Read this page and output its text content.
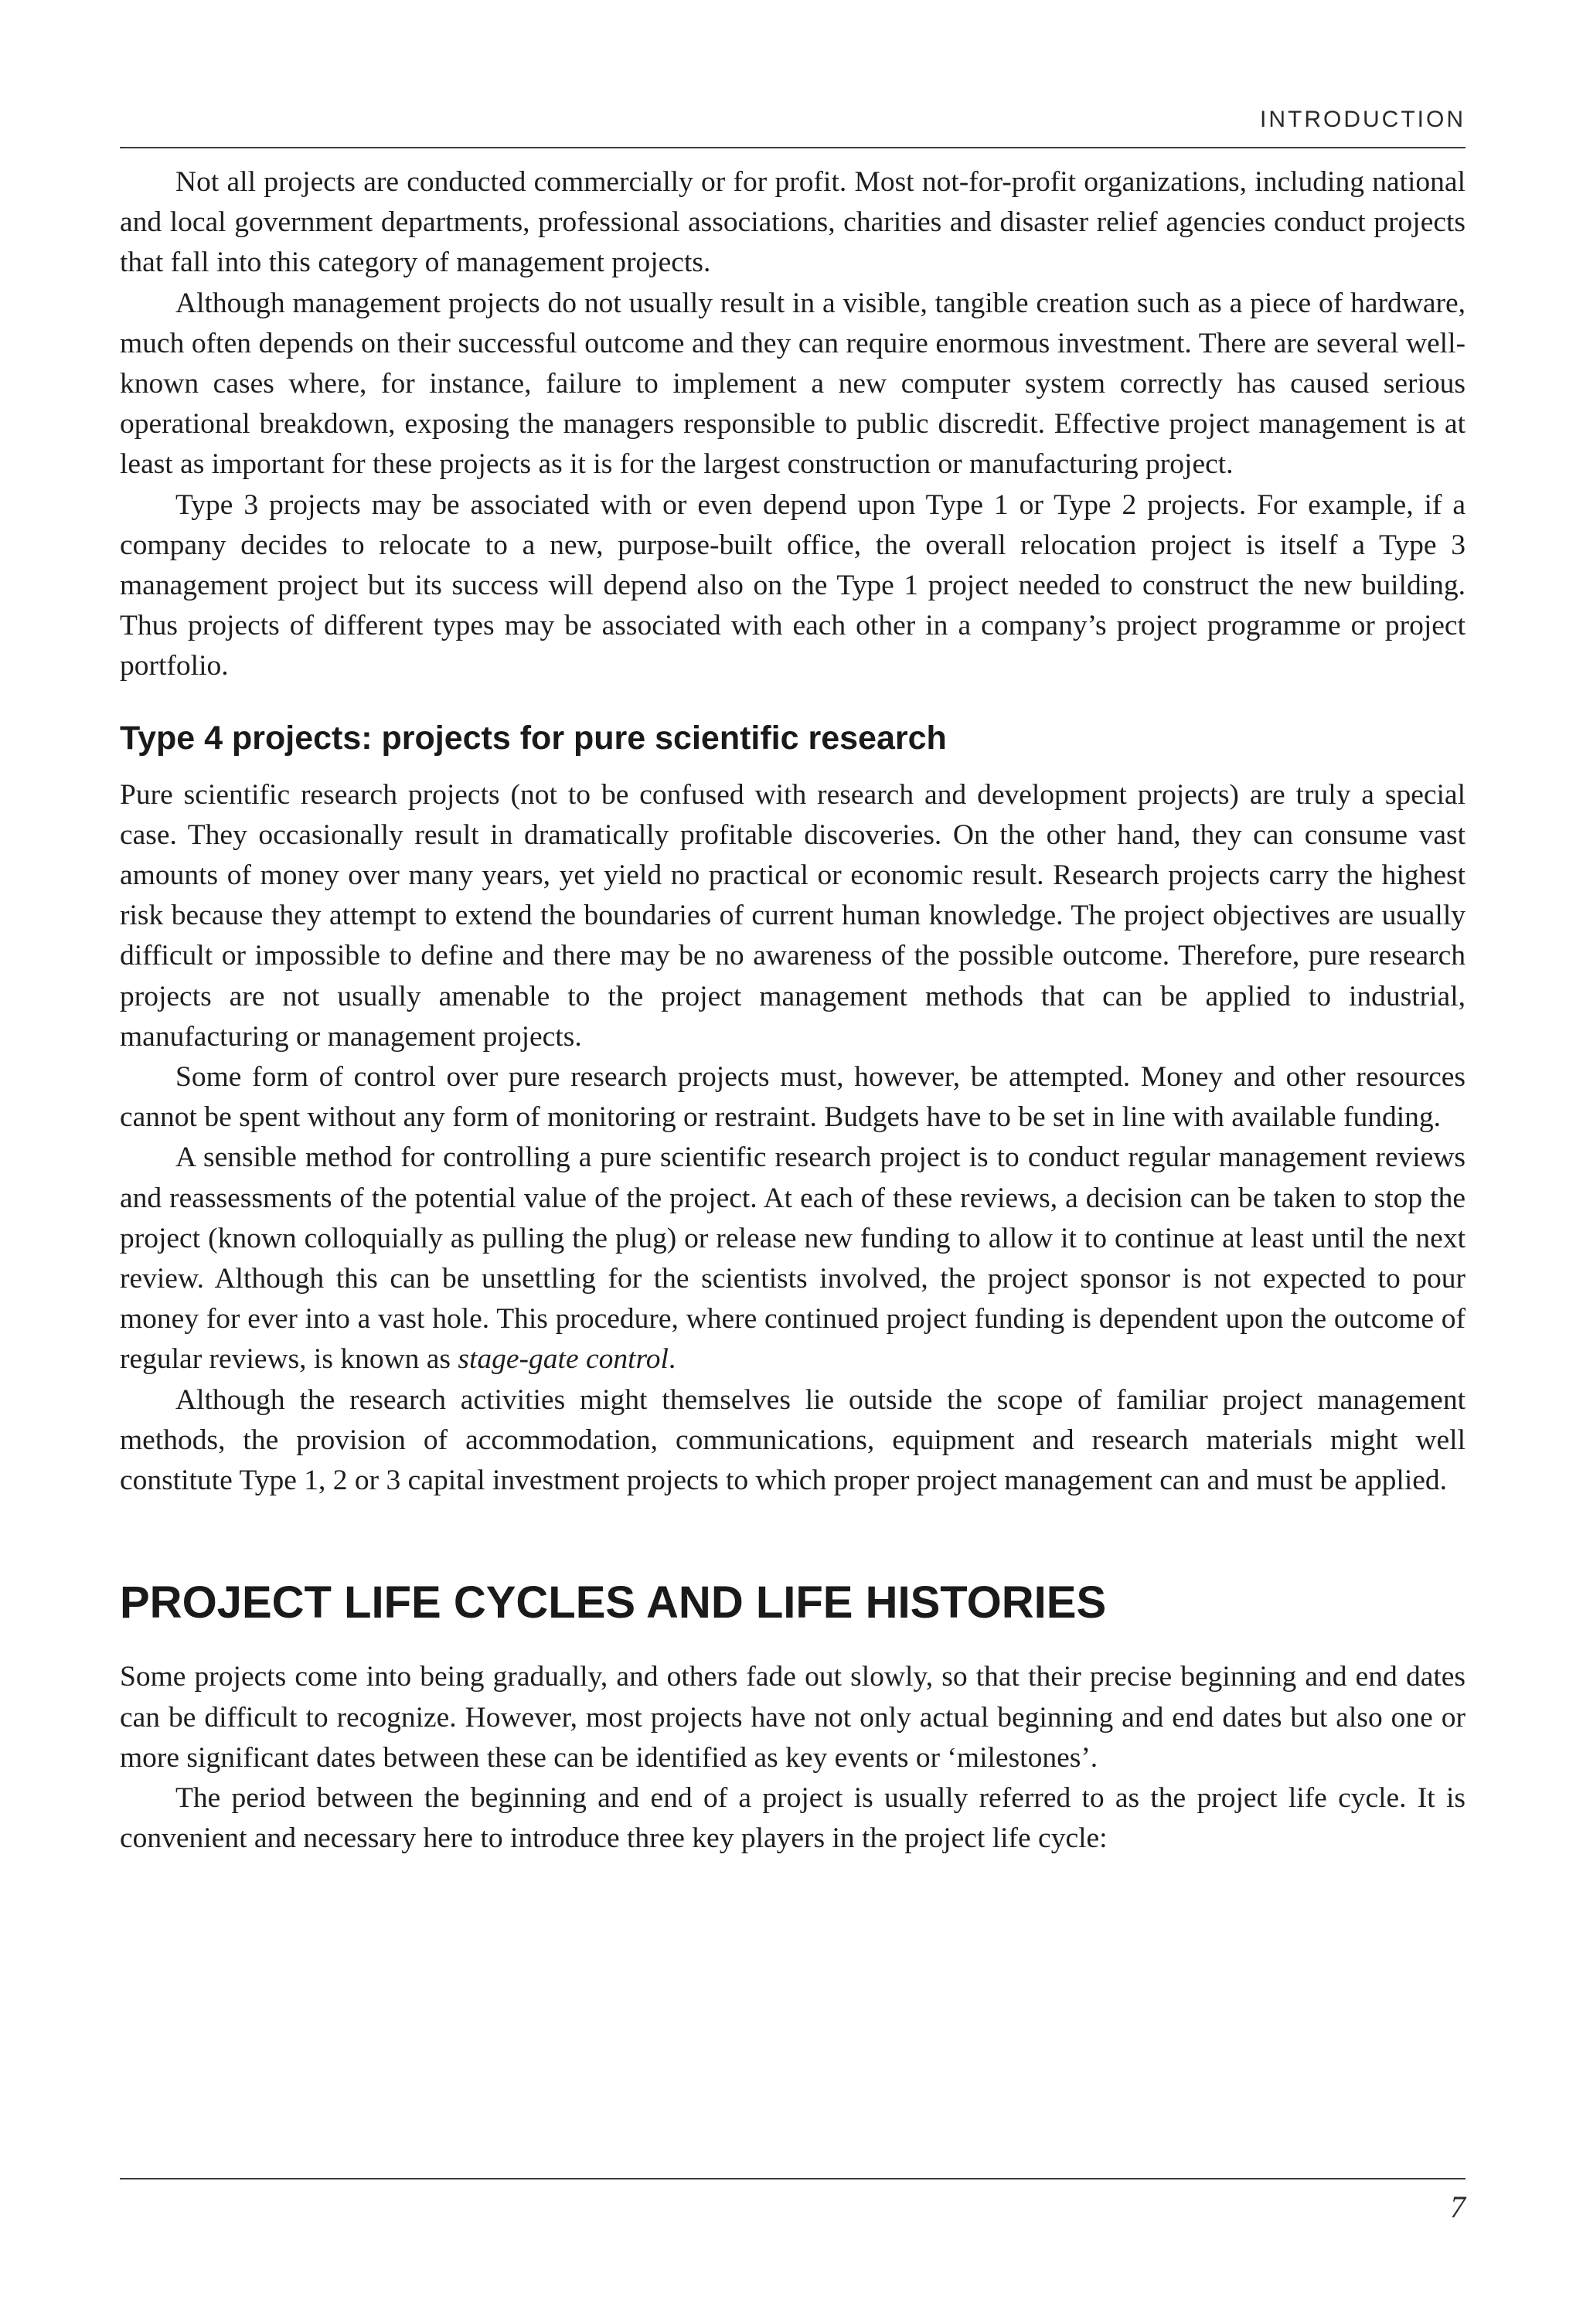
INTRODUCTION

Not all projects are conducted commercially or for profit. Most not-for-profit organizations, including national and local government departments, professional associations, charities and disaster relief agencies conduct projects that fall into this category of management projects.

Although management projects do not usually result in a visible, tangible creation such as a piece of hardware, much often depends on their successful outcome and they can require enormous investment. There are several well-known cases where, for instance, failure to implement a new computer system correctly has caused serious operational breakdown, exposing the managers responsible to public discredit. Effective project management is at least as important for these projects as it is for the largest construction or manufacturing project.

Type 3 projects may be associated with or even depend upon Type 1 or Type 2 projects. For example, if a company decides to relocate to a new, purpose-built office, the overall relocation project is itself a Type 3 management project but its success will depend also on the Type 1 project needed to construct the new building. Thus projects of different types may be associated with each other in a company’s project programme or project portfolio.

Type 4 projects: projects for pure scientific research

Pure scientific research projects (not to be confused with research and development projects) are truly a special case. They occasionally result in dramatically profitable discoveries. On the other hand, they can consume vast amounts of money over many years, yet yield no practical or economic result. Research projects carry the highest risk because they attempt to extend the boundaries of current human knowledge. The project objectives are usually difficult or impossible to define and there may be no awareness of the possible outcome. Therefore, pure research projects are not usually amenable to the project management methods that can be applied to industrial, manufacturing or management projects.

Some form of control over pure research projects must, however, be attempted. Money and other resources cannot be spent without any form of monitoring or restraint. Budgets have to be set in line with available funding.

A sensible method for controlling a pure scientific research project is to conduct regular management reviews and reassessments of the potential value of the project. At each of these reviews, a decision can be taken to stop the project (known colloquially as pulling the plug) or release new funding to allow it to continue at least until the next review. Although this can be unsettling for the scientists involved, the project sponsor is not expected to pour money for ever into a vast hole. This procedure, where continued project funding is dependent upon the outcome of regular reviews, is known as stage-gate control.

Although the research activities might themselves lie outside the scope of familiar project management methods, the provision of accommodation, communications, equipment and research materials might well constitute Type 1, 2 or 3 capital investment projects to which proper project management can and must be applied.

PROJECT LIFE CYCLES AND LIFE HISTORIES

Some projects come into being gradually, and others fade out slowly, so that their precise beginning and end dates can be difficult to recognize. However, most projects have not only actual beginning and end dates but also one or more significant dates between these can be identified as key events or ‘milestones’.

The period between the beginning and end of a project is usually referred to as the project life cycle. It is convenient and necessary here to introduce three key players in the project life cycle:

7
